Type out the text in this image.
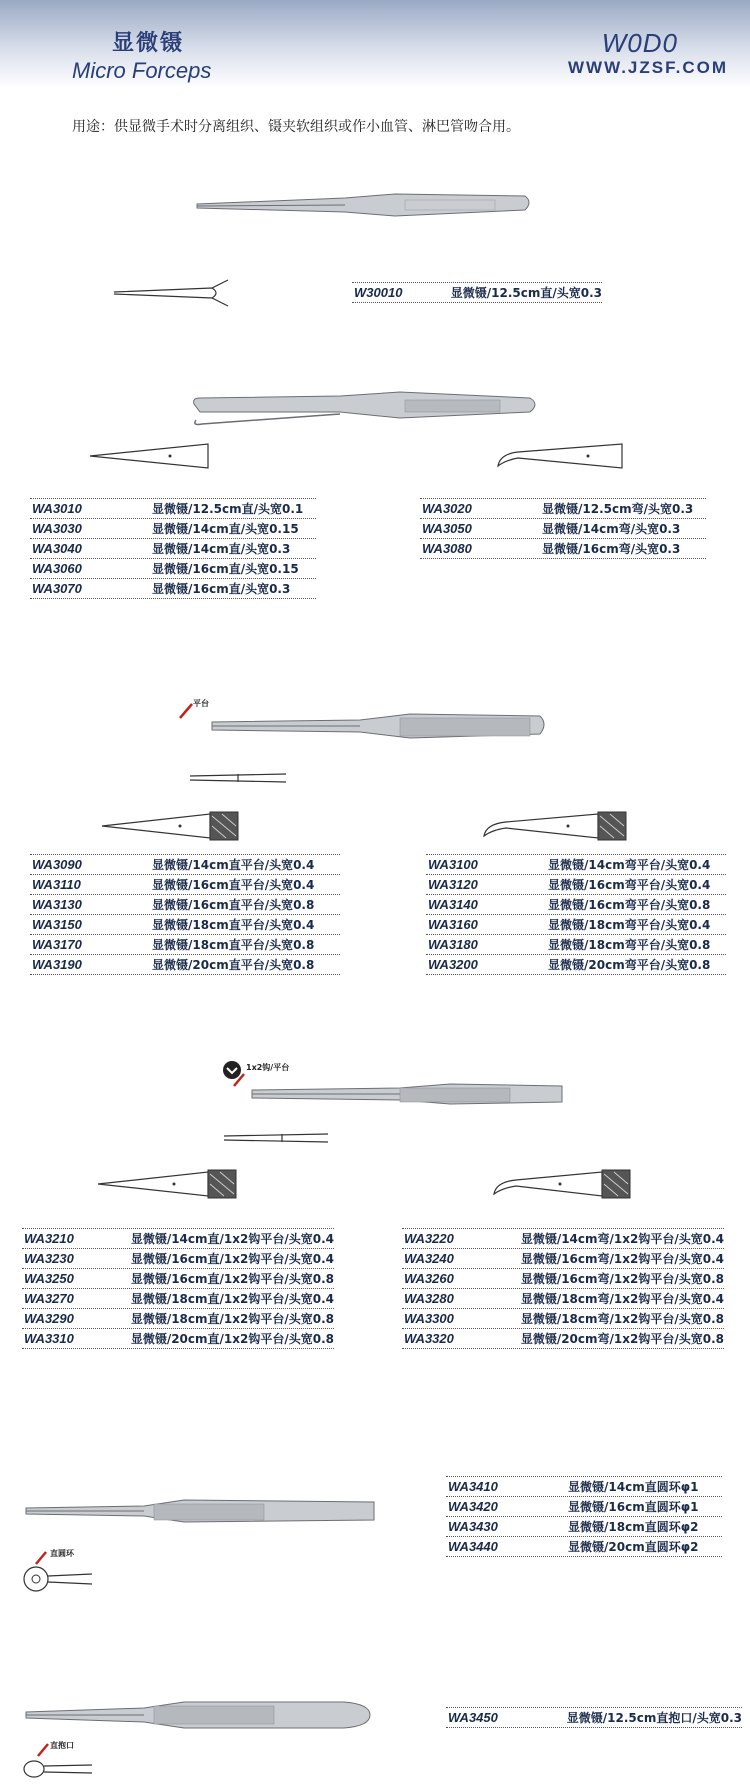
显微镊
Micro Forceps
W0D0
WWW.JZSF.COM
用途：供显微手术时分离组织、镊夹软组织或作小血管、淋巴管吻合用。
W30010	显微镊/12.5cm直/头宽0.3
WA3010	显微镊/12.5cm直/头宽0.1
WA3030	显微镊/14cm直/头宽0.15
WA3040	显微镊/14cm直/头宽0.3
WA3060	显微镊/16cm直/头宽0.15
WA3070	显微镊/16cm直/头宽0.3
WA3020	显微镊/12.5cm弯/头宽0.3
WA3050	显微镊/14cm弯/头宽0.3
WA3080	显微镊/16cm弯/头宽0.3
平台
WA3090	显微镊/14cm直平台/头宽0.4
WA3110	显微镊/16cm直平台/头宽0.4
WA3130	显微镊/16cm直平台/头宽0.8
WA3150	显微镊/18cm直平台/头宽0.4
WA3170	显微镊/18cm直平台/头宽0.8
WA3190	显微镊/20cm直平台/头宽0.8
WA3100	显微镊/14cm弯平台/头宽0.4
WA3120	显微镊/16cm弯平台/头宽0.4
WA3140	显微镊/16cm弯平台/头宽0.8
WA3160	显微镊/18cm弯平台/头宽0.4
WA3180	显微镊/18cm弯平台/头宽0.8
WA3200	显微镊/20cm弯平台/头宽0.8
1x2钩/平台
WA3210	显微镊/14cm直/1x2钩平台/头宽0.4
WA3230	显微镊/16cm直/1x2钩平台/头宽0.4
WA3250	显微镊/16cm直/1x2钩平台/头宽0.8
WA3270	显微镊/18cm直/1x2钩平台/头宽0.4
WA3290	显微镊/18cm直/1x2钩平台/头宽0.8
WA3310	显微镊/20cm直/1x2钩平台/头宽0.8
WA3220	显微镊/14cm弯/1x2钩平台/头宽0.4
WA3240	显微镊/16cm弯/1x2钩平台/头宽0.4
WA3260	显微镊/16cm弯/1x2钩平台/头宽0.8
WA3280	显微镊/18cm弯/1x2钩平台/头宽0.4
WA3300	显微镊/18cm弯/1x2钩平台/头宽0.8
WA3320	显微镊/20cm弯/1x2钩平台/头宽0.8
直圆环
WA3410	显微镊/14cm直圆环φ1
WA3420	显微镊/16cm直圆环φ1
WA3430	显微镊/18cm直圆环φ2
WA3440	显微镊/20cm直圆环φ2
直抱口
WA3450	显微镊/12.5cm直抱口/头宽0.3
